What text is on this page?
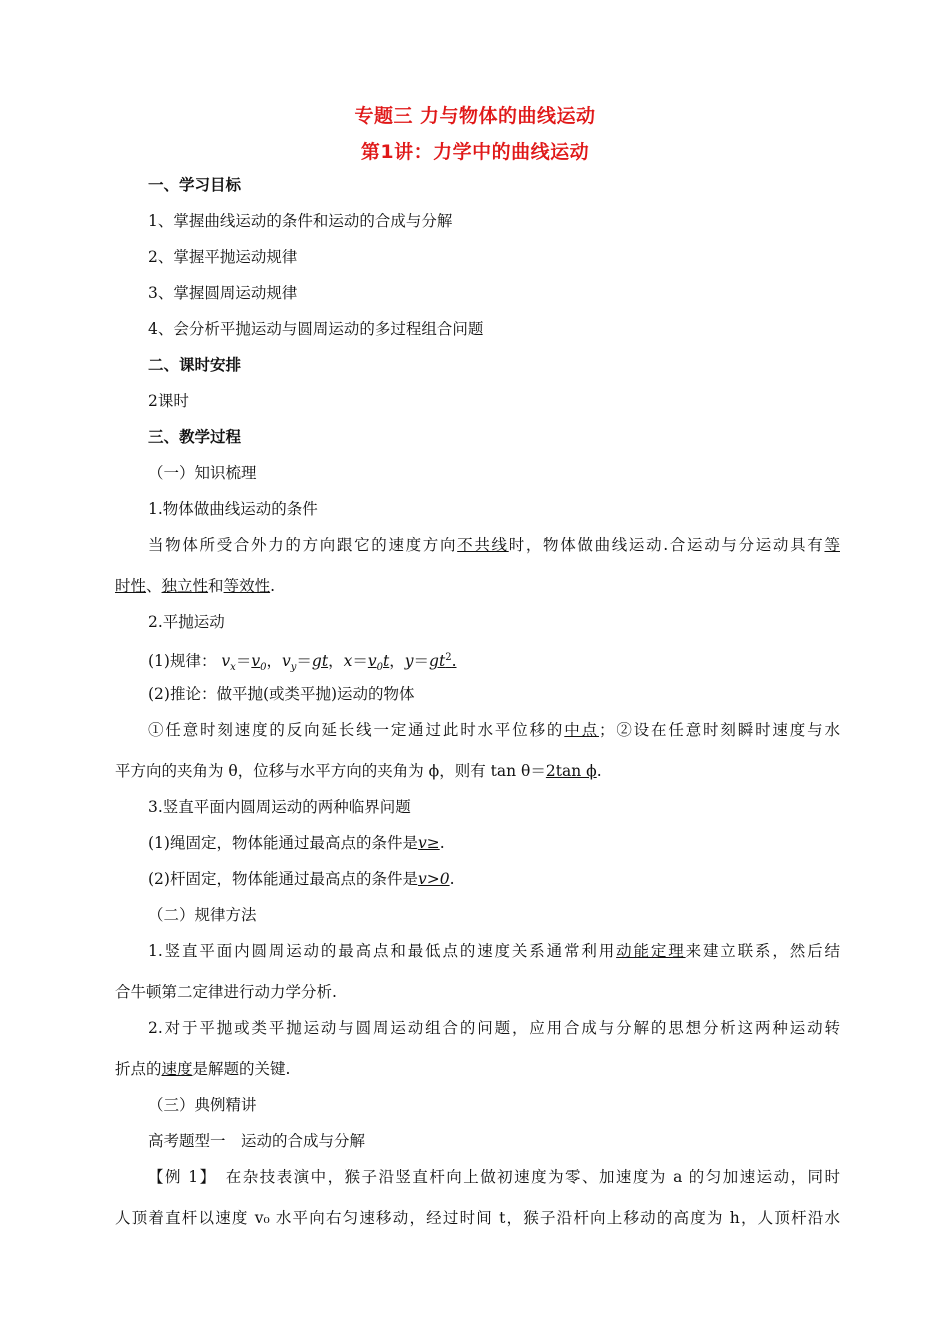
专题三 力与物体的曲线运动
第1讲：力学中的曲线运动
一、学习目标
1、掌握曲线运动的条件和运动的合成与分解
2、掌握平抛运动规律
3、掌握圆周运动规律
4、会分析平抛运动与圆周运动的多过程组合问题
二、课时安排
2课时
三、教学过程
（一）知识梳理
1.物体做曲线运动的条件
当物体所受合外力的方向跟它的速度方向不共线时，物体做曲线运动.合运动与分运动具有等
时性、独立性和等效性.
2.平抛运动
(1)规律： $v_x=v_0$，$v_y=gt$，$x=v_0t$，$y=gt^2$.
(2)推论：做平抛(或类平抛)运动的物体
①任意时刻速度的反向延长线一定通过此时水平位移的中点；②设在任意时刻瞬时速度与水
平方向的夹角为 θ，位移与水平方向的夹角为 ϕ，则有 tan θ＝2tan ϕ.
3.竖直平面内圆周运动的两种临界问题
(1)绳固定，物体能通过最高点的条件是v≥.
(2)杆固定，物体能通过最高点的条件是v>0.
（二）规律方法
1.竖直平面内圆周运动的最高点和最低点的速度关系通常利用动能定理来建立联系，然后结
合牛顿第二定律进行动力学分析.
2.对于平抛或类平抛运动与圆周运动组合的问题，应用合成与分解的思想分析这两种运动转
折点的速度是解题的关键.
（三）典例精讲
高考题型一　运动的合成与分解
【例 1】　在杂技表演中，猴子沿竖直杆向上做初速度为零、加速度为 a 的匀加速运动，同时
人顶着直杆以速度 v₀ 水平向右匀速移动，经过时间 t，猴子沿杆向上移动的高度为 h，人顶杆沿水
